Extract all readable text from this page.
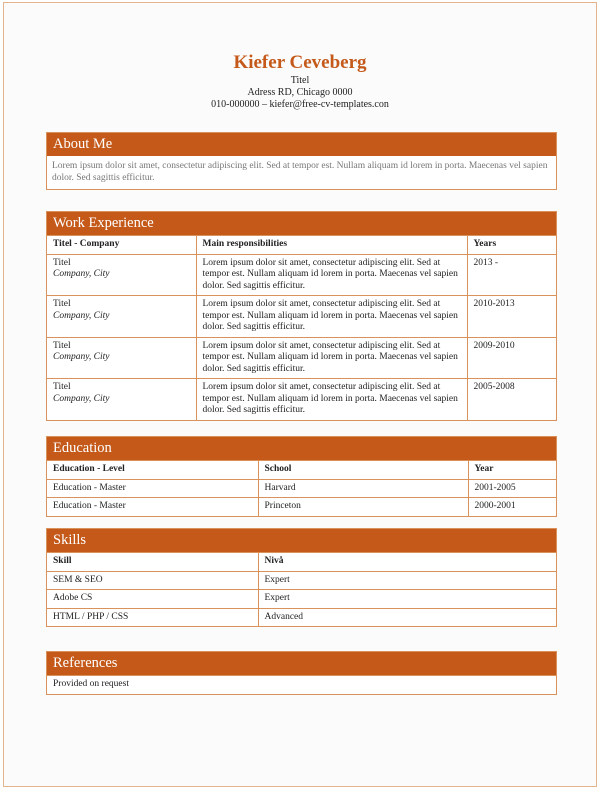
Kiefer Ceveberg
Titel
Adress RD, Chicago 0000
010-000000 – kiefer@free-cv-templates.con
About Me
Lorem ipsum dolor sit amet, consectetur adipiscing elit. Sed at tempor est. Nullam aliquam id lorem in porta. Maecenas vel sapien dolor. Sed sagittis efficitur.
Work Experience
Titel - Company	Main responsibilities	Years

Titel
Company, City	Lorem ipsum dolor sit amet, consectetur adipiscing elit. Sed at tempor est. Nullam aliquam id lorem in porta. Maecenas vel sapien dolor. Sed sagittis efficitur.	2013 -

Titel
Company, City	Lorem ipsum dolor sit amet, consectetur adipiscing elit. Sed at tempor est. Nullam aliquam id lorem in porta. Maecenas vel sapien dolor. Sed sagittis efficitur.	2010-2013

Titel
Company, City	Lorem ipsum dolor sit amet, consectetur adipiscing elit. Sed at tempor est. Nullam aliquam id lorem in porta. Maecenas vel sapien dolor. Sed sagittis efficitur.	2009-2010

Titel
Company, City	Lorem ipsum dolor sit amet, consectetur adipiscing elit. Sed at tempor est. Nullam aliquam id lorem in porta. Maecenas vel sapien dolor. Sed sagittis efficitur.	2005-2008
Education
Education - Level	School	Year
Education - Master	Harvard	2001-2005
Education - Master	Princeton	2000-2001
Skills
Skill	Nivå
SEM & SEO	Expert
Adobe CS	Expert
HTML / PHP / CSS	Advanced
References
Provided on request
